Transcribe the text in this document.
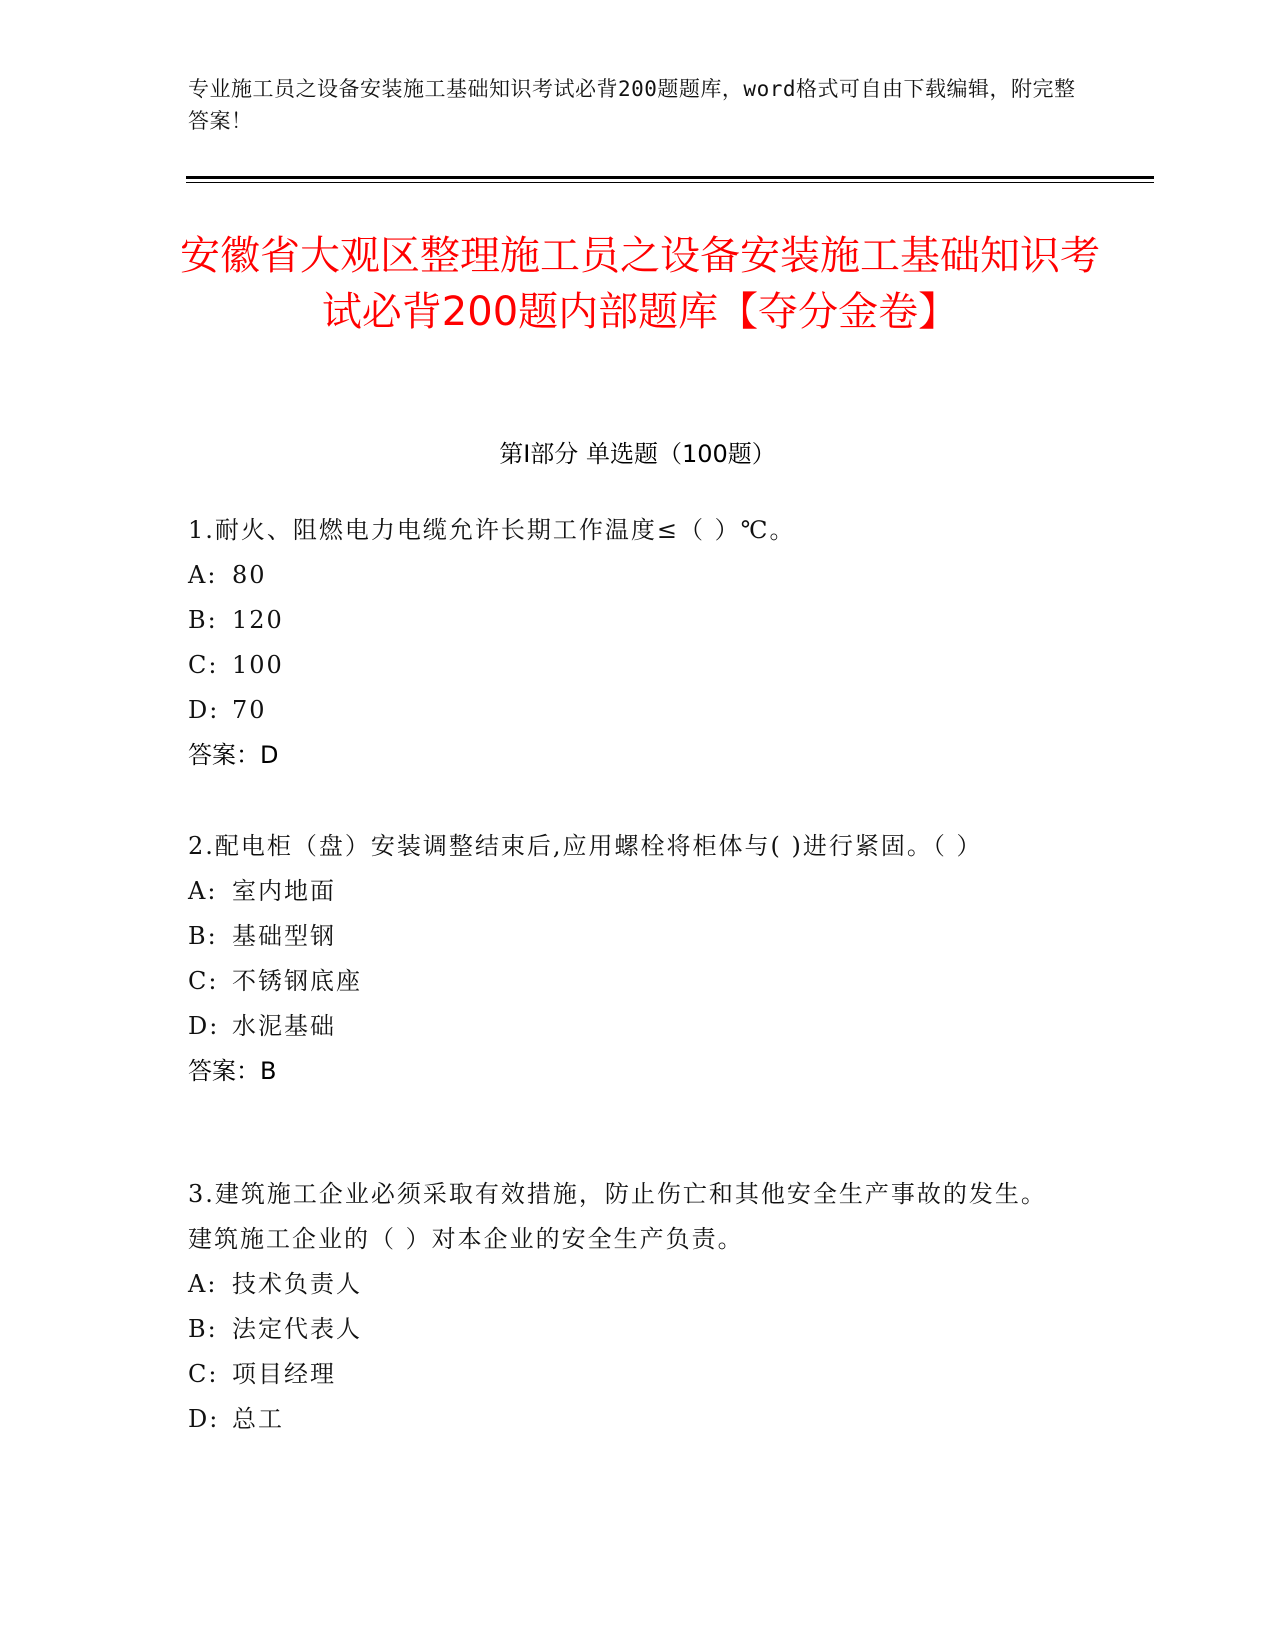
专业施工员之设备安装施工基础知识考试必背200题题库，word格式可自由下载编辑，附完整答案！
安徽省大观区整理施工员之设备安装施工基础知识考试必背200题内部题库【夺分金卷】
第Ⅰ部分 单选题（100题）
1.耐火、阻燃电力电缆允许长期工作温度≤（ ）℃。
A: 80
B: 120
C: 100
D: 70
答案：D
2.配电柜（盘）安装调整结束后,应用螺栓将柜体与( )进行紧固。（ ）
A: 室内地面
B: 基础型钢
C: 不锈钢底座
D: 水泥基础
答案：B
3.建筑施工企业必须采取有效措施，防止伤亡和其他安全生产事故的发生。建筑施工企业的（ ）对本企业的安全生产负责。
A: 技术负责人
B: 法定代表人
C: 项目经理
D: 总工
